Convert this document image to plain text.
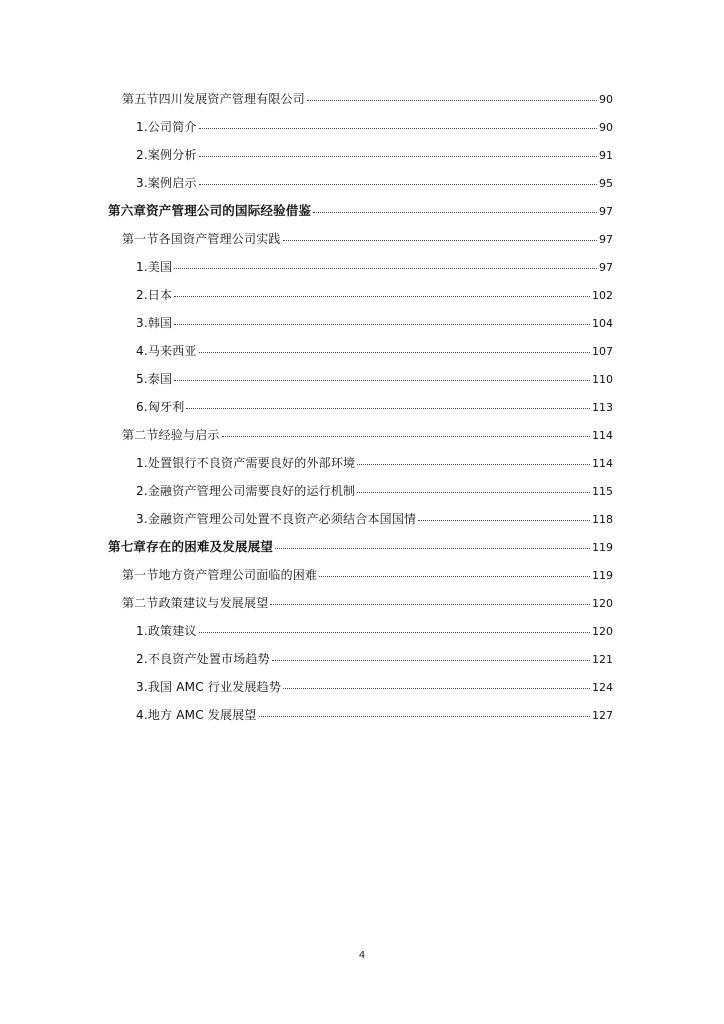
第五节四川发展资产管理有限公司	90
1.公司简介	90
2.案例分析	91
3.案例启示	95
第六章资产管理公司的国际经验借鉴	97
第一节各国资产管理公司实践	97
1.美国	97
2.日本	102
3.韩国	104
4.马来西亚	107
5.泰国	110
6.匈牙利	113
第二节经验与启示	114
1.处置银行不良资产需要良好的外部环境	114
2.金融资产管理公司需要良好的运行机制	115
3.金融资产管理公司处置不良资产必须结合本国国情	118
第七章存在的困难及发展展望	119
第一节地方资产管理公司面临的困难	119
第二节政策建议与发展展望	120
1.政策建议	120
2.不良资产处置市场趋势	121
3.我国 AMC 行业发展趋势	124
4.地方 AMC 发展展望	127
4
